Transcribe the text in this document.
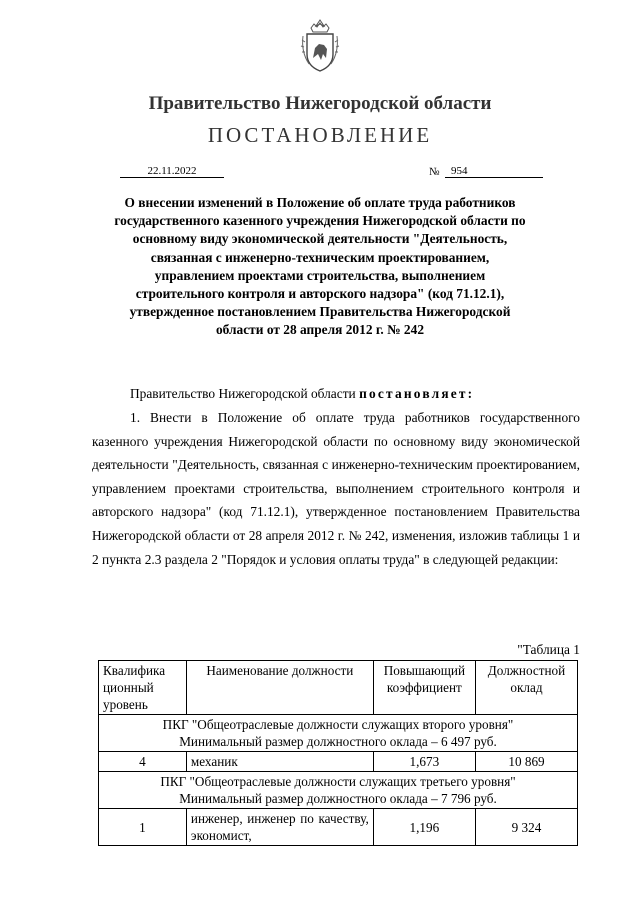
Правительство Нижегородской области
ПОСТАНОВЛЕНИЕ
22.11.2022	№	954
О внесении изменений в Положение об оплате труда работников государственного казенного учреждения Нижегородской области по основному виду экономической деятельности "Деятельность, связанная с инженерно-техническим проектированием, управлением проектами строительства, выполнением строительного контроля и авторского надзора" (код 71.12.1), утвержденное постановлением Правительства Нижегородской области от 28 апреля 2012 г. № 242
Правительство Нижегородской области постановляет:
1. Внести в Положение об оплате труда работников государственного казенного учреждения Нижегородской области по основному виду экономической деятельности "Деятельность, связанная с инженерно-техническим проектированием, управлением проектами строительства, выполнением строительного контроля и авторского надзора" (код 71.12.1), утвержденное постановлением Правительства Нижегородской области от 28 апреля 2012 г. № 242, изменения, изложив таблицы 1 и 2 пункта 2.3 раздела 2 "Порядок и условия оплаты труда" в следующей редакции:
"Таблица 1
Квалифика ционный уровень	Наименование должности	Повышающий коэффициент	Должностной оклад

ПКГ "Общеотраслевые должности служащих второго уровня"
Минимальный размер должностного оклада – 6 497 руб.			

4	механик	1,673	10 869

ПКГ "Общеотраслевые должности служащих третьего уровня"
Минимальный размер должностного оклада – 7 796 руб.			

1	инженер, инженер по качеству, экономист,	1,196	9 324
